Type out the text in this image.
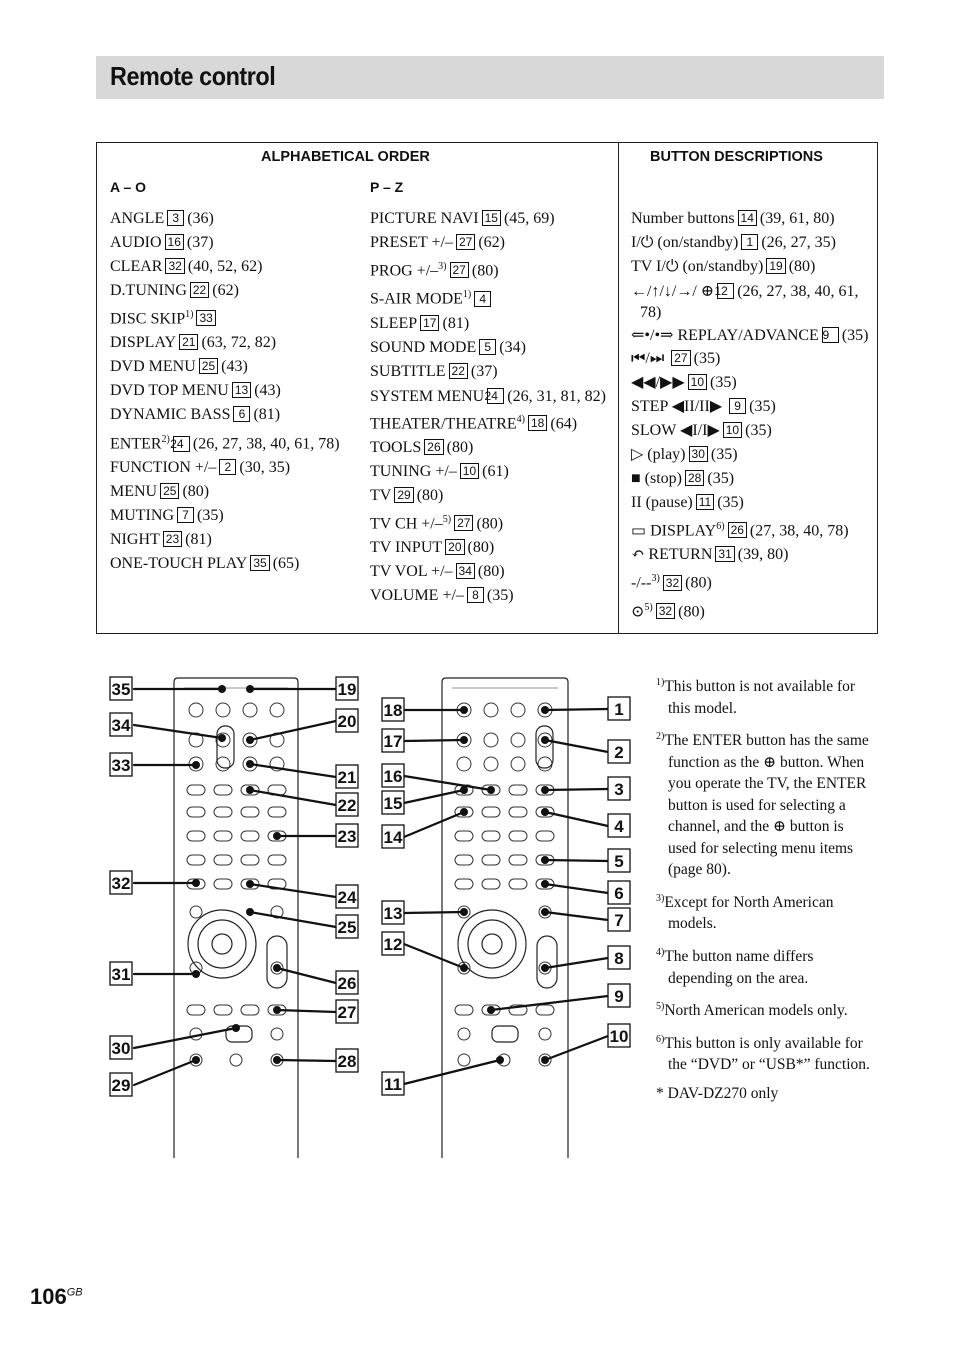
Remote control
ALPHABETICAL ORDER	BUTTON DESCRIPTIONS
A – O	P – Z
ANGLE 3 (36)
AUDIO 16 (37)
CLEAR 32 (40, 52, 62)
D.TUNING 22 (62)
DISC SKIP$^{1)}$ 33
DISPLAY 21 (63, 72, 82)
DVD MENU 25 (43)
DVD TOP MENU 13 (43)
DYNAMIC BASS 6 (81)
ENTER$^{2)}$24 (26, 27, 38, 40, 61, 78)
FUNCTION +/– 2 (30, 35)
MENU 25 (80)
MUTING 7 (35)
NIGHT 23 (81)
ONE-TOUCH PLAY 35 (65)
PICTURE NAVI 15 (45, 69)
PRESET +/– 27 (62)
PROG +/–$^{3)}$ 27 (80)
S-AIR MODE$^{1)}$ 4
SLEEP 17 (81)
SOUND MODE 5 (34)
SUBTITLE 22 (37)
SYSTEM MENU24 (26, 31, 81, 82)
THEATER/THEATRE$^{4)}$ 18 (64)
TOOLS 26 (80)
TUNING +/– 10 (61)
TV 29 (80)
TV CH +/–$^{5)}$ 27 (80)
TV INPUT 20 (80)
TV VOL +/– 34 (80)
VOLUME +/– 8 (35)
Number buttons 14 (39, 61, 80)
I/⏻ (on/standby) 1 (26, 27, 35)
TV I/⏻ (on/standby) 19 (80)
←/↑/↓/→/ ⊕12 (26, 27, 38, 40, 61, 78)
⇐•/•⇒ REPLAY/ADVANCE 9 (35)
⏮/⏭ 27 (35)
◀◀/▶▶ 10 (35)
STEP ◀II/II▶ 9 (35)
SLOW ◀I/I▶ 10 (35)
▷ (play) 30 (35)
■ (stop) 28 (35)
II (pause) 11 (35)
▭ DISPLAY$^{6)}$ 26 (27, 38, 40, 78)
↶ RETURN 31 (39, 80)
-/--$^{3)}$ 32 (80)
⊙$^{5)}$ 32 (80)
35
34
33
32
31
30
29
19
20
21
22
23
24
25
26
27
28
18
17
16
15
14
13
12
11
1
2
3
4
5
6
7
8
9
10
$^{1)}$This button is not available for this model.
$^{2)}$The ENTER button has the same function as the ⊕ button. When you operate the TV, the ENTER button is used for selecting a channel, and the ⊕ button is used for selecting menu items (page 80).
$^{3)}$Except for North American models.
$^{4)}$The button name differs depending on the area.
$^{5)}$North American models only.
$^{6)}$This button is only available for the “DVD” or “USB*” function.
* DAV-DZ270 only
$106^{GB}$
